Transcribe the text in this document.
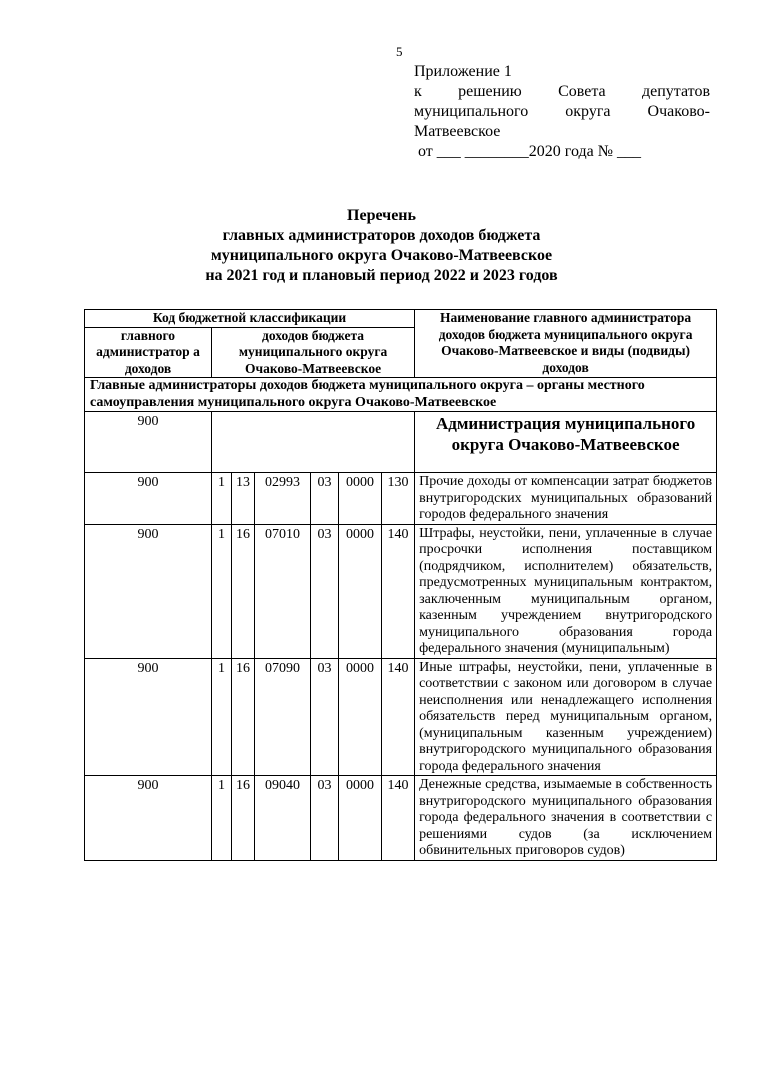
5
Приложение 1
к решению Совета депутатов
муниципального округа Очаково-
Матвеевское
от ___ ________2020 года № ___
Перечень
главных администраторов доходов бюджета
муниципального округа Очаково-Матвеевское
на 2021 год и плановый период 2022 и 2023 годов
Код бюджетной классификации							Наименование главного администратора доходов бюджета муниципального округа Очаково-Матвеевское и виды (подвиды) доходов
главного администратор а доходов	доходов бюджета муниципального округа Очаково-Матвеевское						
Главные администраторы доходов бюджета муниципального округа – органы местного самоуправления муниципального округа Очаково-Матвеевское							
900							Администрация муниципального округа Очаково-Матвеевское
900	1	13	02993	03	0000	130	Прочие доходы от компенсации затрат бюджетов внутригородских муниципальных образований городов федерального значения
900	1	16	07010	03	0000	140	Штрафы, неустойки, пени, уплаченные в случае просрочки исполнения поставщиком (подрядчиком, исполнителем) обязательств, предусмотренных муниципальным контрактом, заключенным муниципальным органом, казенным учреждением внутригородского муниципального образования города федерального значения (муниципальным)
900	1	16	07090	03	0000	140	Иные штрафы, неустойки, пени, уплаченные в соответствии с законом или договором в случае неисполнения или ненадлежащего исполнения обязательств перед муниципальным органом, (муниципальным казенным учреждением) внутригородского муниципального образования города федерального значения
900	1	16	09040	03	0000	140	Денежные средства, изымаемые в собственность внутригородского муниципального образования города федерального значения в соответствии с решениями судов (за исключением обвинительных приговоров судов)
